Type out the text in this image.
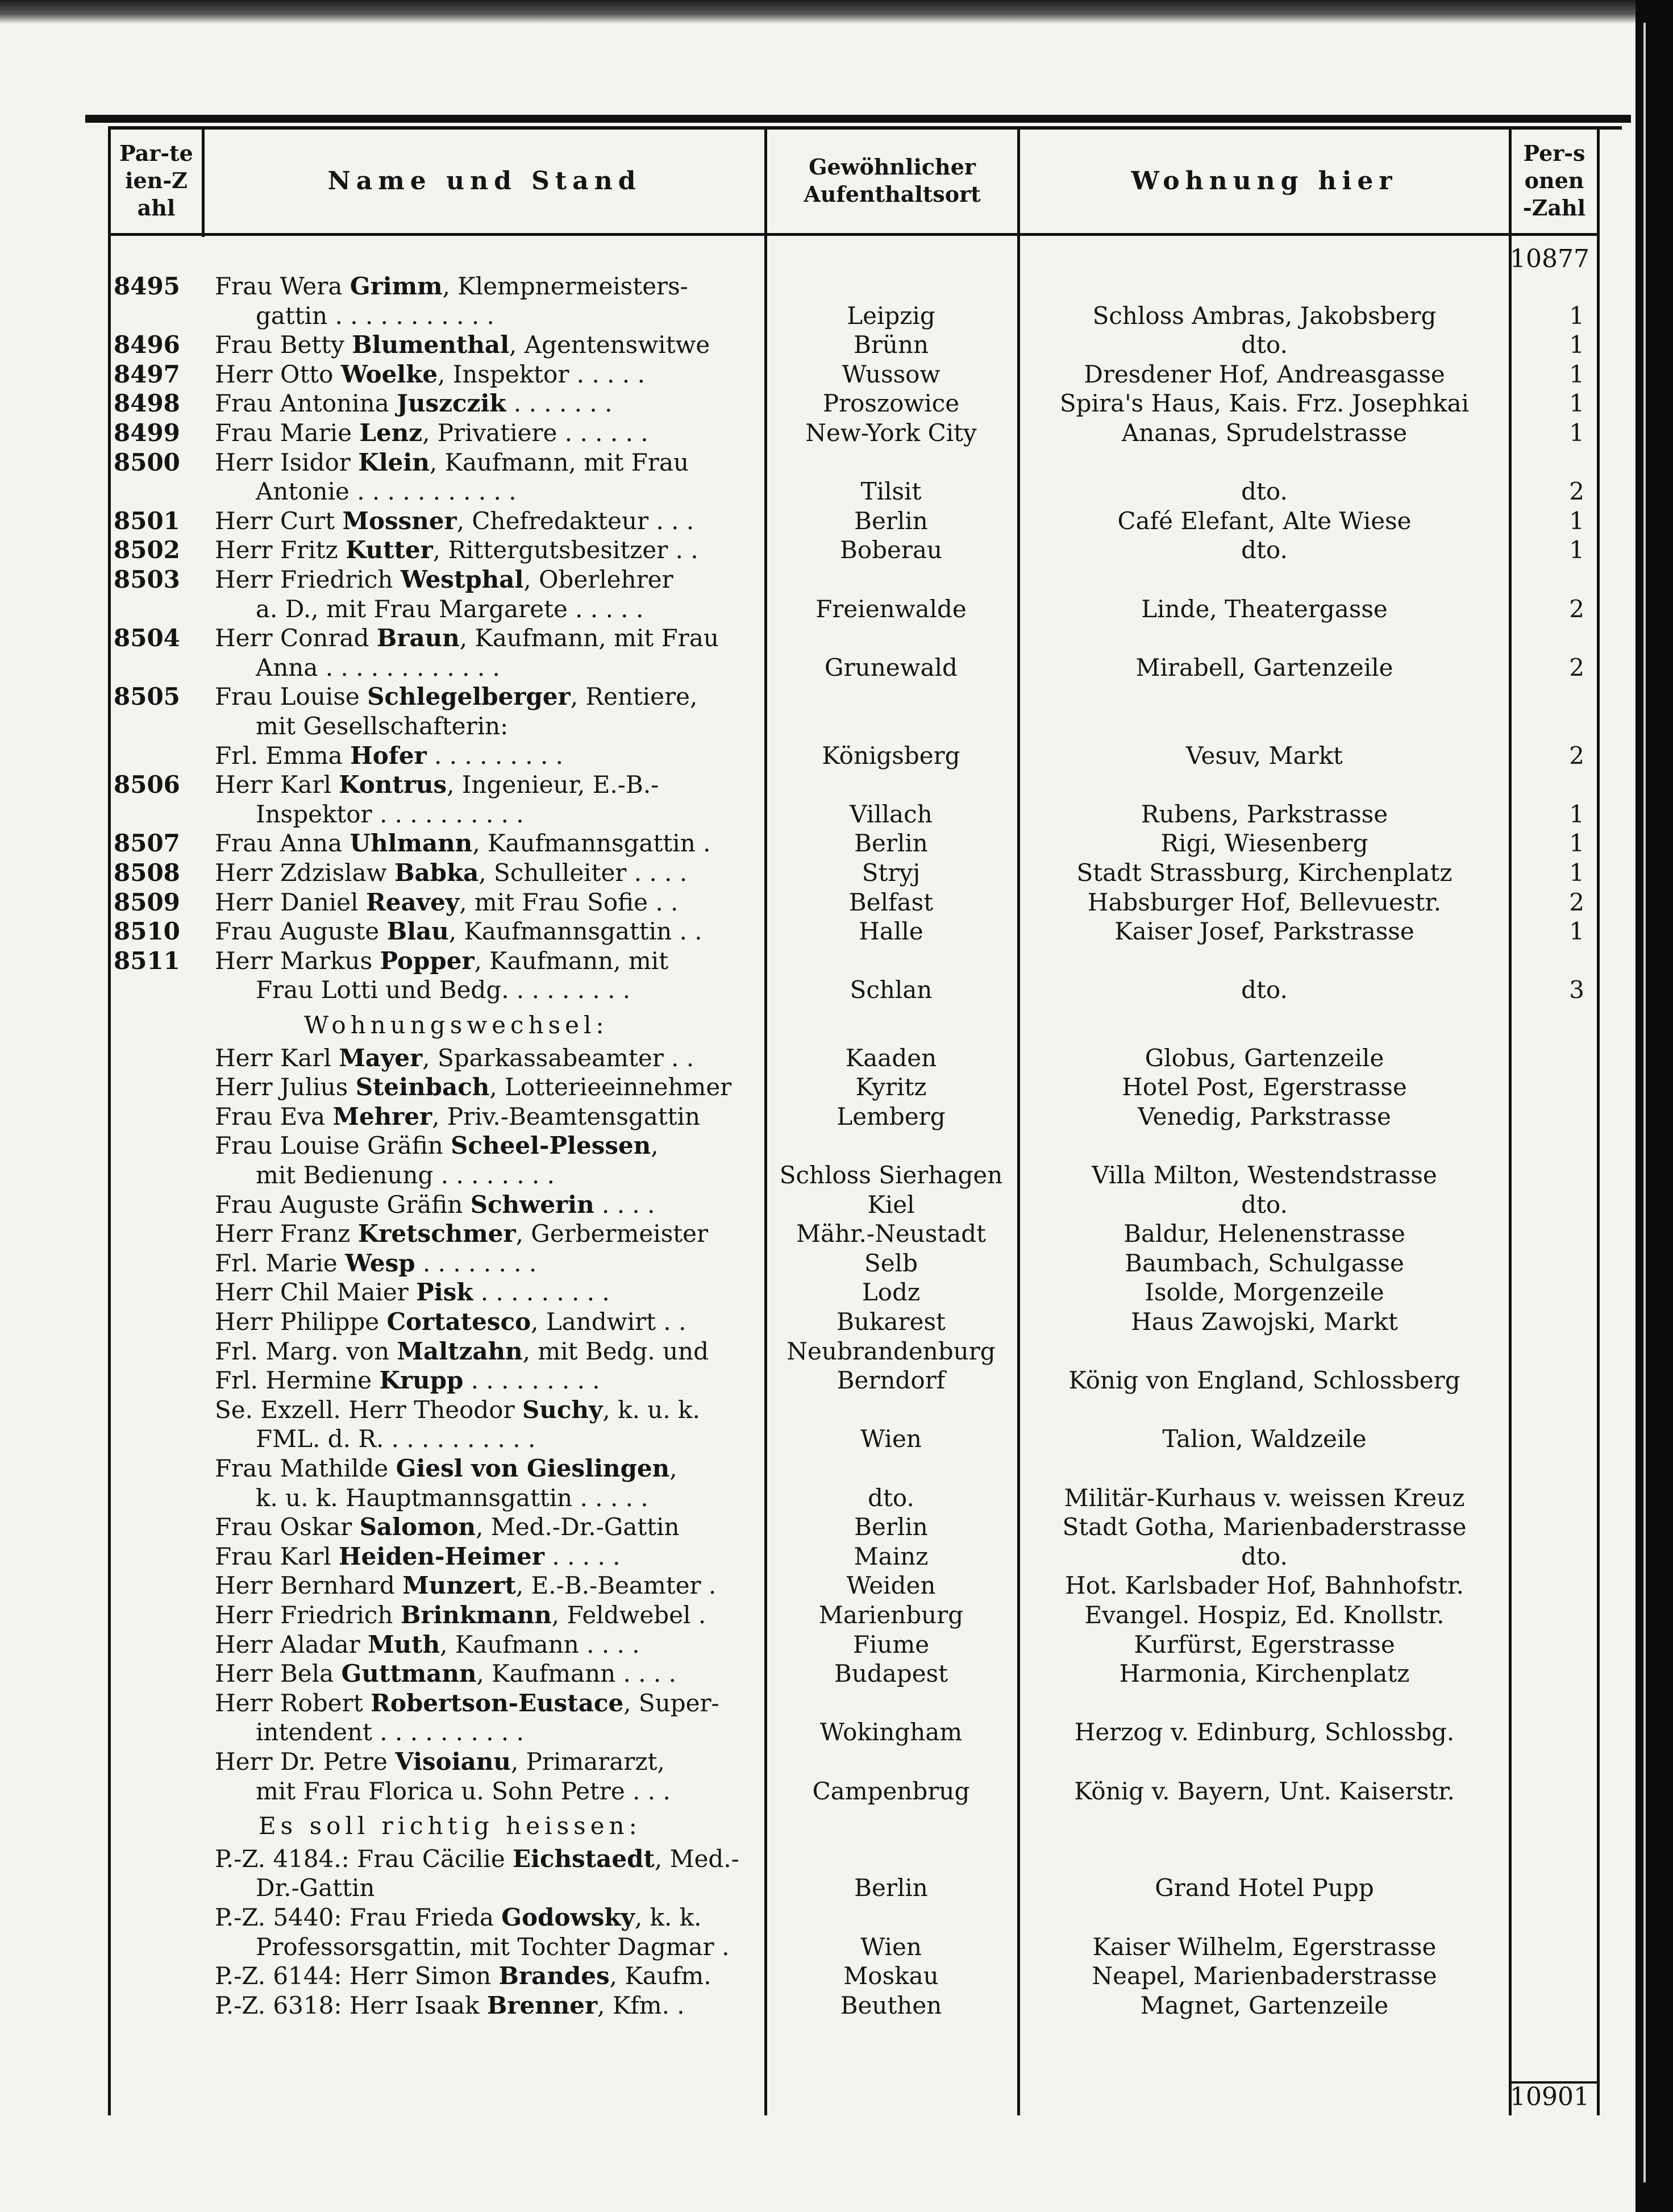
Par-teien-Zahl
Name und Stand	Gewöhnlicher Aufenthaltsort	Wohnung hier
Per-sonen-Zahl
10877
8495	Frau Wera Grimm, Klempnermeisters-
gattin . . . . . . . . . . .	Leipzig	Schloss Ambras, Jakobsberg	1
8496	Frau Betty Blumenthal, Agentenswitwe	Brünn	dto.	1
8497	Herr Otto Woelke, Inspektor . . . . .	Wussow	Dresdener Hof, Andreasgasse	1
8498	Frau Antonina Juszczik . . . . . . .	Proszowice	Spira's Haus, Kais. Frz. Josephkai	1
8499	Frau Marie Lenz, Privatiere . . . . . .	New-York City	Ananas, Sprudelstrasse	1
8500	Herr Isidor Klein, Kaufmann, mit Frau
Antonie . . . . . . . . . . .	Tilsit	dto.	2
8501	Herr Curt Mossner, Chefredakteur . . .	Berlin	Café Elefant, Alte Wiese	1
8502	Herr Fritz Kutter, Rittergutsbesitzer . .	Boberau	dto.	1
8503	Herr Friedrich Westphal, Oberlehrer
a. D., mit Frau Margarete . . . . .	Freienwalde	Linde, Theatergasse	2
8504	Herr Conrad Braun, Kaufmann, mit Frau
Anna . . . . . . . . . . . .	Grunewald	Mirabell, Gartenzeile	2
8505	Frau Louise Schlegelberger, Rentiere,
mit Gesellschafterin:
Frl. Emma Hofer . . . . . . . . .	Königsberg	Vesuv, Markt	2
8506	Herr Karl Kontrus, Ingenieur, E.-B.-
Inspektor . . . . . . . . . .	Villach	Rubens, Parkstrasse	1
8507	Frau Anna Uhlmann, Kaufmannsgattin .	Berlin	Rigi, Wiesenberg	1
8508	Herr Zdzislaw Babka, Schulleiter . . . .	Stryj	Stadt Strassburg, Kirchenplatz	1
8509	Herr Daniel Reavey, mit Frau Sofie . .	Belfast	Habsburger Hof, Bellevuestr.	2
8510	Frau Auguste Blau, Kaufmannsgattin . .	Halle	Kaiser Josef, Parkstrasse	1
8511	Herr Markus Popper, Kaufmann, mit
Frau Lotti und Bedg. . . . . . . . .	Schlan	dto.	3
Wohnungswechsel:
Herr Karl Mayer, Sparkassabeamter . .	Kaaden	Globus, Gartenzeile
Herr Julius Steinbach, Lotterieeinnehmer	Kyritz	Hotel Post, Egerstrasse
Frau Eva Mehrer, Priv.-Beamtensgattin	Lemberg	Venedig, Parkstrasse
Frau Louise Gräfin Scheel-Plessen,
mit Bedienung . . . . . . . .	Schloss Sierhagen	Villa Milton, Westendstrasse
Frau Auguste Gräfin Schwerin . . . .	Kiel	dto.
Herr Franz Kretschmer, Gerbermeister	Mähr.-Neustadt	Baldur, Helenenstrasse
Frl. Marie Wesp . . . . . . . .	Selb	Baumbach, Schulgasse
Herr Chil Maier Pisk . . . . . . . . .	Lodz	Isolde, Morgenzeile
Herr Philippe Cortatesco, Landwirt . .	Bukarest	Haus Zawojski, Markt
Frl. Marg. von Maltzahn, mit Bedg. und	Neubrandenburg
Frl. Hermine Krupp . . . . . . . . .	Berndorf	König von England, Schlossberg
Se. Exzell. Herr Theodor Suchy, k. u. k.
FML. d. R. . . . . . . . . . .	Wien	Talion, Waldzeile
Frau Mathilde Giesl von Gieslingen,
k. u. k. Hauptmannsgattin . . . . .	dto.	Militär-Kurhaus v. weissen Kreuz
Frau Oskar Salomon, Med.-Dr.-Gattin	Berlin	Stadt Gotha, Marienbaderstrasse
Frau Karl Heiden-Heimer . . . . .	Mainz	dto.
Herr Bernhard Munzert, E.-B.-Beamter .	Weiden	Hot. Karlsbader Hof, Bahnhofstr.
Herr Friedrich Brinkmann, Feldwebel .	Marienburg	Evangel. Hospiz, Ed. Knollstr.
Herr Aladar Muth, Kaufmann . . . .	Fiume	Kurfürst, Egerstrasse
Herr Bela Guttmann, Kaufmann . . . .	Budapest	Harmonia, Kirchenplatz
Herr Robert Robertson-Eustace, Super-
intendent . . . . . . . . . .	Wokingham	Herzog v. Edinburg, Schlossbg.
Herr Dr. Petre Visoianu, Primararzt,
mit Frau Florica u. Sohn Petre . . .	Campenbrug	König v. Bayern, Unt. Kaiserstr.
Es soll richtig heissen:
P.-Z. 4184.: Frau Cäcilie Eichstaedt, Med.-
Dr.-Gattin	Berlin	Grand Hotel Pupp
P.-Z. 5440: Frau Frieda Godowsky, k. k.
Professorsgattin, mit Tochter Dagmar .	Wien	Kaiser Wilhelm, Egerstrasse
P.-Z. 6144: Herr Simon Brandes, Kaufm.	Moskau	Neapel, Marienbaderstrasse
P.-Z. 6318: Herr Isaak Brenner, Kfm. .	Beuthen	Magnet, Gartenzeile
10901
